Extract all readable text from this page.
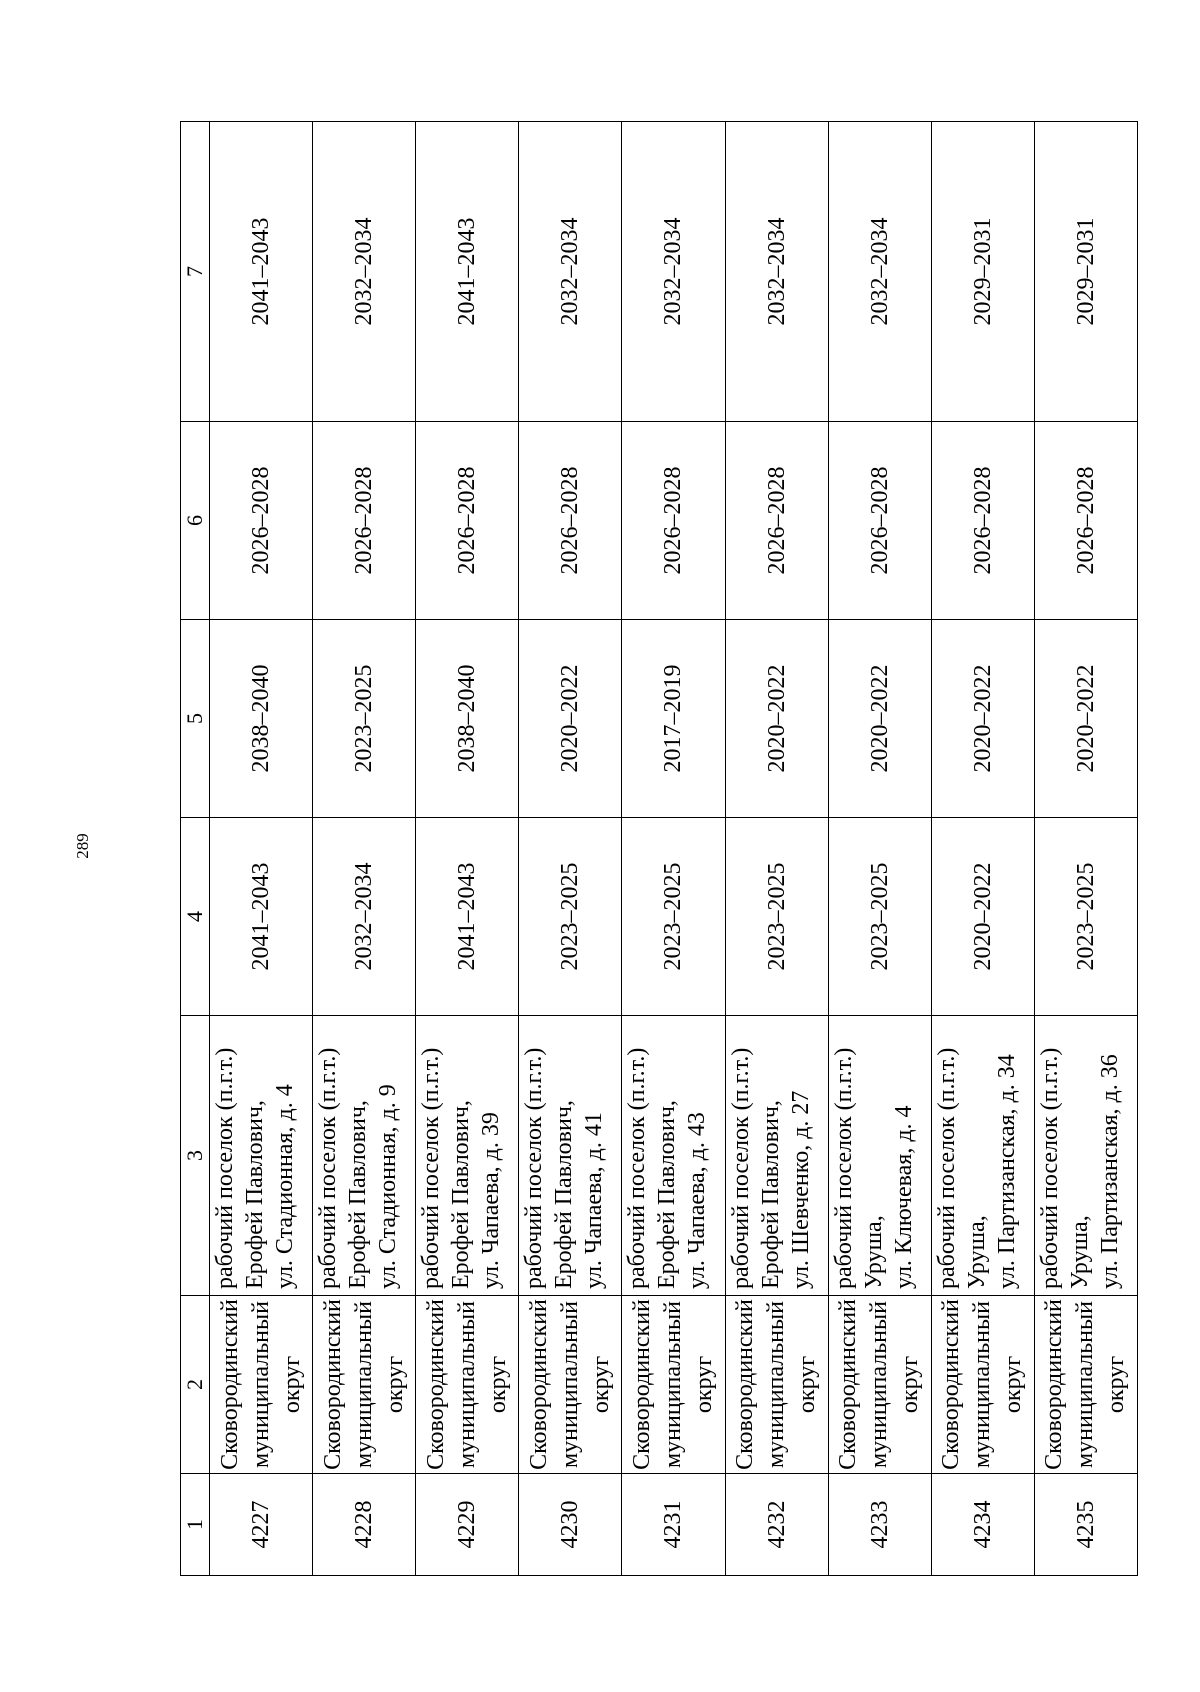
289
1	2	3	4	5	6	7
4227	Сковородинский муниципальный округ	рабочий поселок (п.г.т.) Ерофей Павлович, ул. Стадионная, д. 4	2041–2043	2038–2040	2026–2028	2041–2043
4228	Сковородинский муниципальный округ	рабочий поселок (п.г.т.) Ерофей Павлович, ул. Стадионная, д. 9	2032–2034	2023–2025	2026–2028	2032–2034
4229	Сковородинский муниципальный округ	рабочий поселок (п.г.т.) Ерофей Павлович, ул. Чапаева, д. 39	2041–2043	2038–2040	2026–2028	2041–2043
4230	Сковородинский муниципальный округ	рабочий поселок (п.г.т.) Ерофей Павлович, ул. Чапаева, д. 41	2023–2025	2020–2022	2026–2028	2032–2034
4231	Сковородинский муниципальный округ	рабочий поселок (п.г.т.) Ерофей Павлович, ул. Чапаева, д. 43	2023–2025	2017–2019	2026–2028	2032–2034
4232	Сковородинский муниципальный округ	рабочий поселок (п.г.т.) Ерофей Павлович, ул. Шевченко, д. 27	2023–2025	2020–2022	2026–2028	2032–2034
4233	Сковородинский муниципальный округ	рабочий поселок (п.г.т.) Уруша, ул. Ключевая, д. 4	2023–2025	2020–2022	2026–2028	2032–2034
4234	Сковородинский муниципальный округ	рабочий поселок (п.г.т.) Уруша, ул. Партизанская, д. 34	2020–2022	2020–2022	2026–2028	2029–2031
4235	Сковородинский муниципальный округ	рабочий поселок (п.г.т.) Уруша, ул. Партизанская, д. 36	2023–2025	2020–2022	2026–2028	2029–2031
